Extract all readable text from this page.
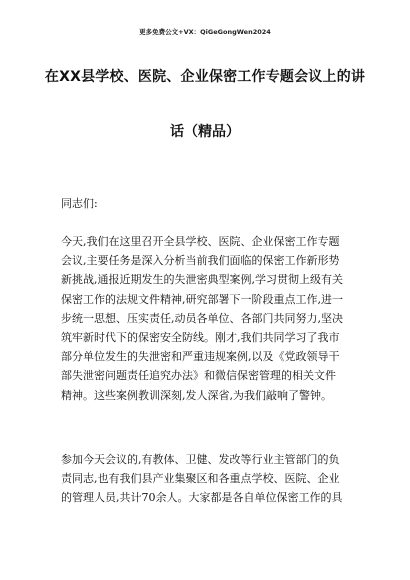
更多免费公文+VX：QiGeGongWen2024
在XX县学校、医院、企业保密工作专题会议上的讲
话（精品）
同志们:
今天,我们在这里召开全县学校、医院、企业保密工作专题
会议,主要任务是深入分析当前我们面临的保密工作新形势
新挑战,通报近期发生的失泄密典型案例,学习贯彻上级有关
保密工作的法规文件精神,研究部署下一阶段重点工作,进一
步统一思想、压实责任,动员各单位、各部门共同努力,坚决
筑牢新时代下的保密安全防线。刚才,我们共同学习了我市
部分单位发生的失泄密和严重违规案例,以及《党政领导干
部失泄密问题责任追究办法》和微信保密管理的相关文件
精神。这些案例教训深刻,发人深省,为我们敲响了警钟。
参加今天会议的,有教体、卫健、发改等行业主管部门的负
责同志,也有我们县产业集聚区和各重点学校、医院、企业
的管理人员,共计70余人。大家都是各自单位保密工作的具
